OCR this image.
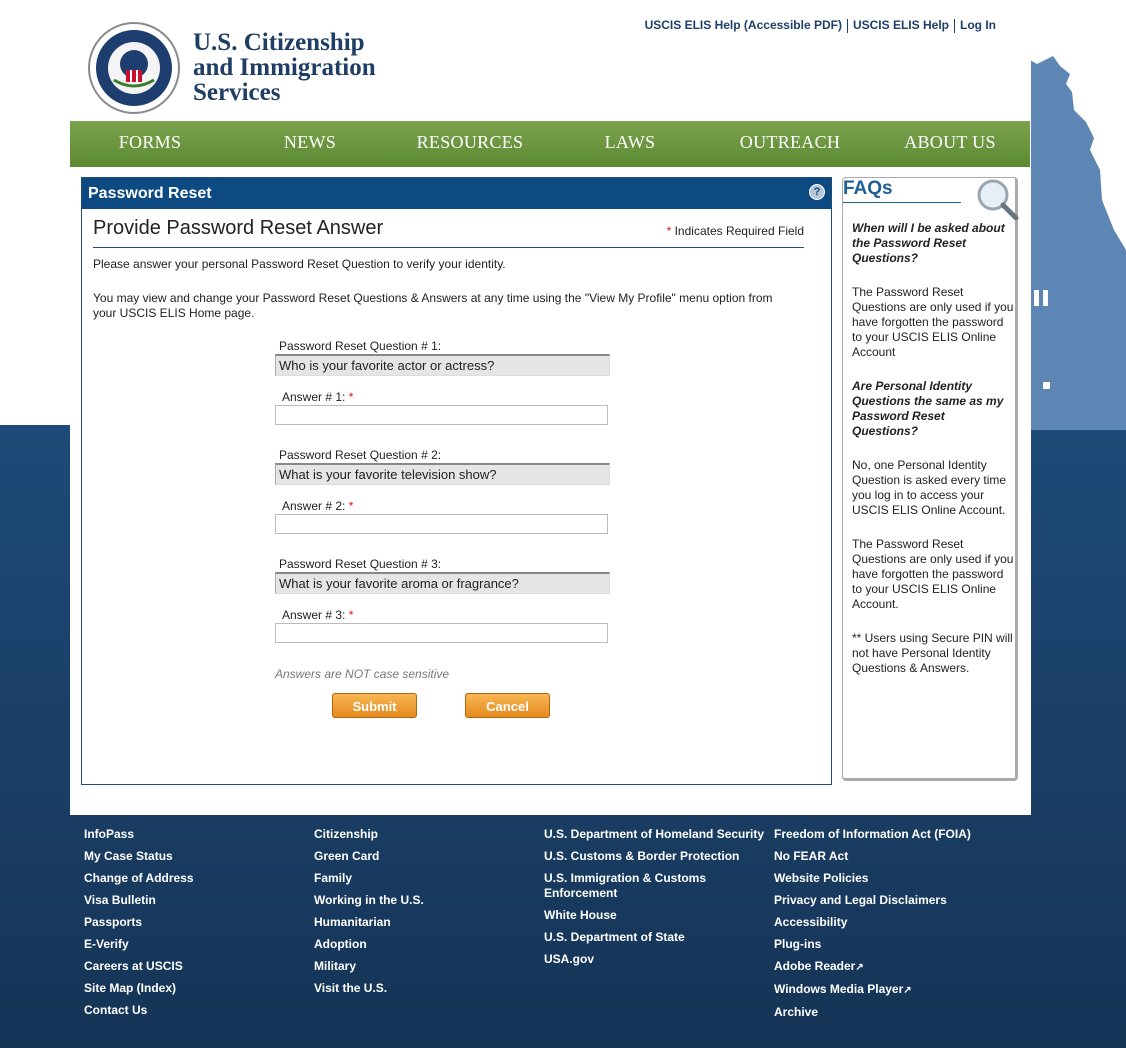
U.S. Citizenship
and Immigration
Services
USCIS ELIS Help (Accessible PDF) USCIS ELIS Help Log In
FORMS	NEWS	RESOURCES	LAWS	OUTREACH	ABOUT US
Password Reset	?
Provide Password Reset Answer	* Indicates Required Field
Please answer your personal Password Reset Question to verify your identity.
You may view and change your Password Reset Questions & Answers at any time using the "View My Profile" menu option from your USCIS ELIS Home page.
Password Reset Question # 1:
Who is your favorite actor or actress?
Answer # 1: *
Password Reset Question # 2:
What is your favorite television show?
Answer # 2: *
Password Reset Question # 3:
What is your favorite aroma or fragrance?
Answer # 3: *
Answers are NOT case sensitive
Submit	Cancel
FAQs
When will I be asked about the Password Reset Questions?
The Password Reset Questions are only used if you have forgotten the password to your USCIS ELIS Online Account
Are Personal Identity Questions the same as my Password Reset Questions?
No, one Personal Identity Question is asked every time you log in to access your USCIS ELIS Online Account.
The Password Reset Questions are only used if you have forgotten the password to your USCIS ELIS Online Account.
** Users using Secure PIN will not have Personal Identity Questions & Answers.
InfoPass
My Case Status
Change of Address
Visa Bulletin
Passports
E-Verify
Careers at USCIS
Site Map (Index)
Contact Us
Citizenship
Green Card
Family
Working in the U.S.
Humanitarian
Adoption
Military
Visit the U.S.
U.S. Department of Homeland Security
U.S. Customs & Border Protection
U.S. Immigration & Customs Enforcement
White House
U.S. Department of State
USA.gov
Freedom of Information Act (FOIA)
No FEAR Act
Website Policies
Privacy and Legal Disclaimers
Accessibility
Plug-ins
Adobe Reader↗
Windows Media Player↗
Archive
